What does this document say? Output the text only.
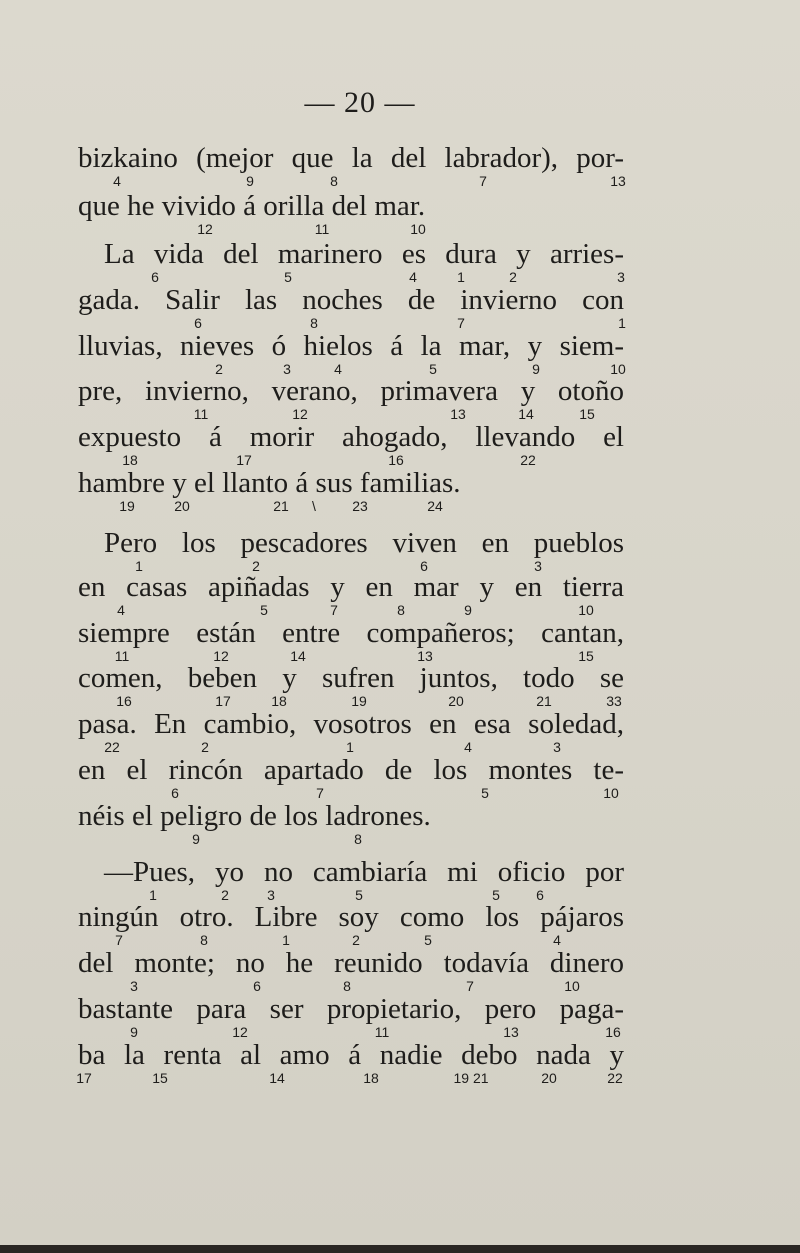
— 20 —
bizkaino (mejor que la del labrador), por-
4	9	8	7	13
que he vivido á orilla del mar.
12	11	10
La vida del marinero es dura y arries-
6	5	4	1	2	3
gada. Salir las noches de invierno con
6	8	7	1
lluvias, nieves ó hielos á la mar, y siem-
2	3	4	5	9	10
pre, invierno, verano, primavera y otoño
11	12	13	14	15
expuesto á morir ahogado, llevando el
18	17	16	22
hambre y el llanto á sus familias.
19	20	21 \	23	24
Pero los pescadores viven en pueblos
1	2	6	3
en casas apiñadas y en mar y en tierra
4	5	7	8	9	10
siempre están entre compañeros; cantan,
11	12	14	13	15
comen, beben y sufren juntos, todo se
16	17	18	19	20	21	33
pasa. En cambio, vosotros en esa soledad,
22	2	1	4	3
en el rincón apartado de los montes te-
6	7	5	10
néis el peligro de los ladrones.
9	8
—Pues, yo no cambiaría mi oficio por
1	2	3	5	5	6
ningún otro. Libre soy como los pájaros
7	8	1	2	5	4
del monte; no he reunido todavía dinero
3	6	8	7	10
bastante para ser propietario, pero paga-
9	12	11	13	16
ba la renta al amo á nadie debo nada y
17	15	14	18	19 21	20	22
